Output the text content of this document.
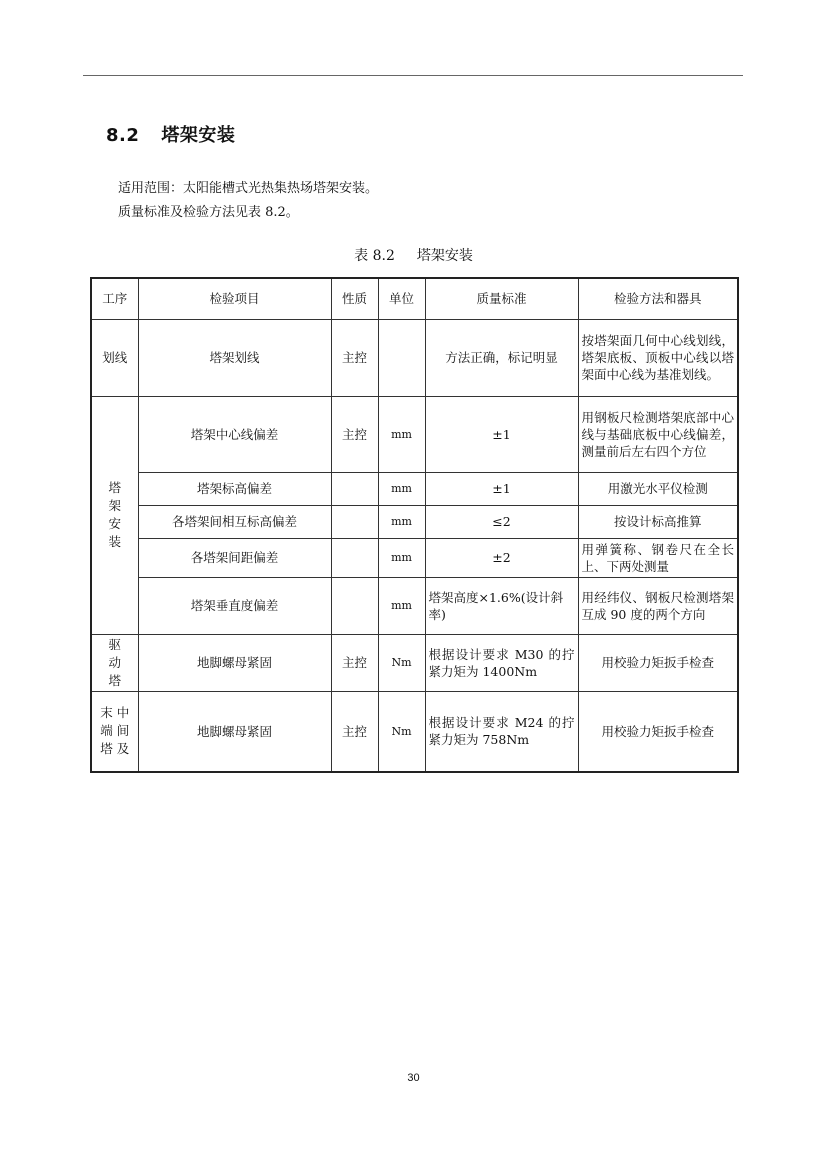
8.2 塔架安装
适用范围：太阳能槽式光热集热场塔架安装。
质量标准及检验方法见表 8.2。
表 8.2 塔架安装
工序	检验项目	性质	单位	质量标准	检验方法和器具
划线	塔架划线	主控		方法正确，标记明显	按塔架面几何中心线划线，塔架底板、顶板中心线以塔架面中心线为基准划线。
塔
架
安
装	塔架中心线偏差	主控	mm	±1	用钢板尺检测塔架底部中心线与基础底板中心线偏差，测量前后左右四个方位
	塔架标高偏差		mm	±1	用激光水平仪检测
	各塔架间相互标高偏差		mm	≤2	按设计标高推算
	各塔架间距偏差		mm	±2	用弹簧称、钢卷尺在全长上、下两处测量
	塔架垂直度偏差		mm	塔架高度×1.6%(设计斜率)	用经纬仪、钢板尺检测塔架互成 90 度的两个方向
驱
动
塔	地脚螺母紧固	主控	Nm	根据设计要求 M30 的拧紧力矩为 1400Nm	用校验力矩扳手检查
末 中
端 间
塔 及	地脚螺母紧固	主控	Nm	根据设计要求 M24 的拧紧力矩为 758Nm	用校验力矩扳手检查
30
